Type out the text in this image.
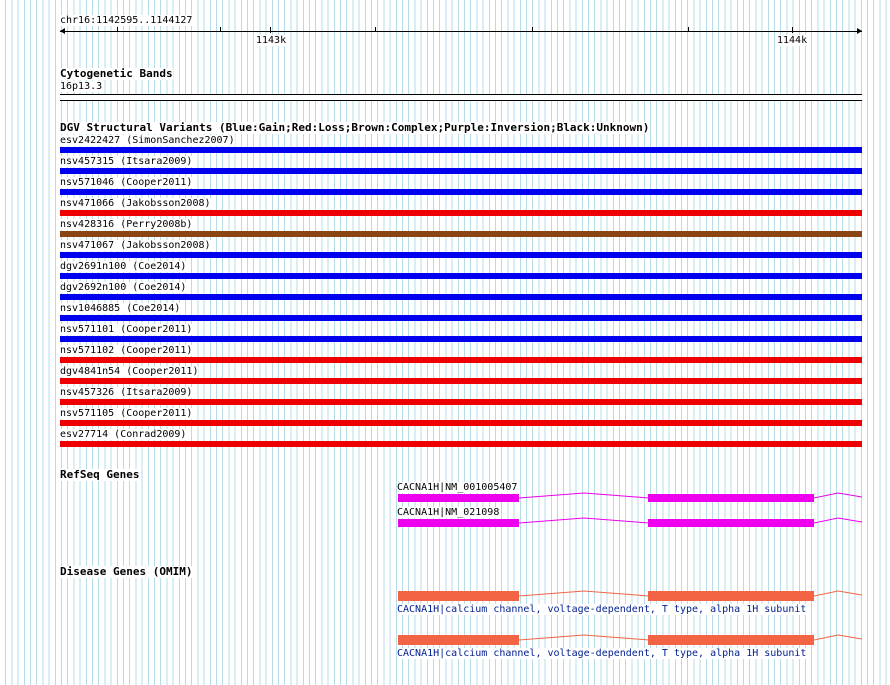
chr16:1142595..1144127
1143k	1144k
Cytogenetic Bands
16p13.3
DGV Structural Variants (Blue:Gain;Red:Loss;Brown:Complex;Purple:Inversion;Black:Unknown)
esv2422427 (SimonSanchez2007)
nsv457315 (Itsara2009)
nsv571046 (Cooper2011)
nsv471066 (Jakobsson2008)
nsv428316 (Perry2008b)
nsv471067 (Jakobsson2008)
dgv2691n100 (Coe2014)
dgv2692n100 (Coe2014)
nsv1046885 (Coe2014)
nsv571101 (Cooper2011)
nsv571102 (Cooper2011)
dgv4841n54 (Cooper2011)
nsv457326 (Itsara2009)
nsv571105 (Cooper2011)
esv27714 (Conrad2009)
RefSeq Genes
CACNA1H|NM_001005407
CACNA1H|NM_021098
Disease Genes (OMIM)
CACNA1H|calcium channel, voltage-dependent, T type, alpha 1H subunit
CACNA1H|calcium channel, voltage-dependent, T type, alpha 1H subunit
